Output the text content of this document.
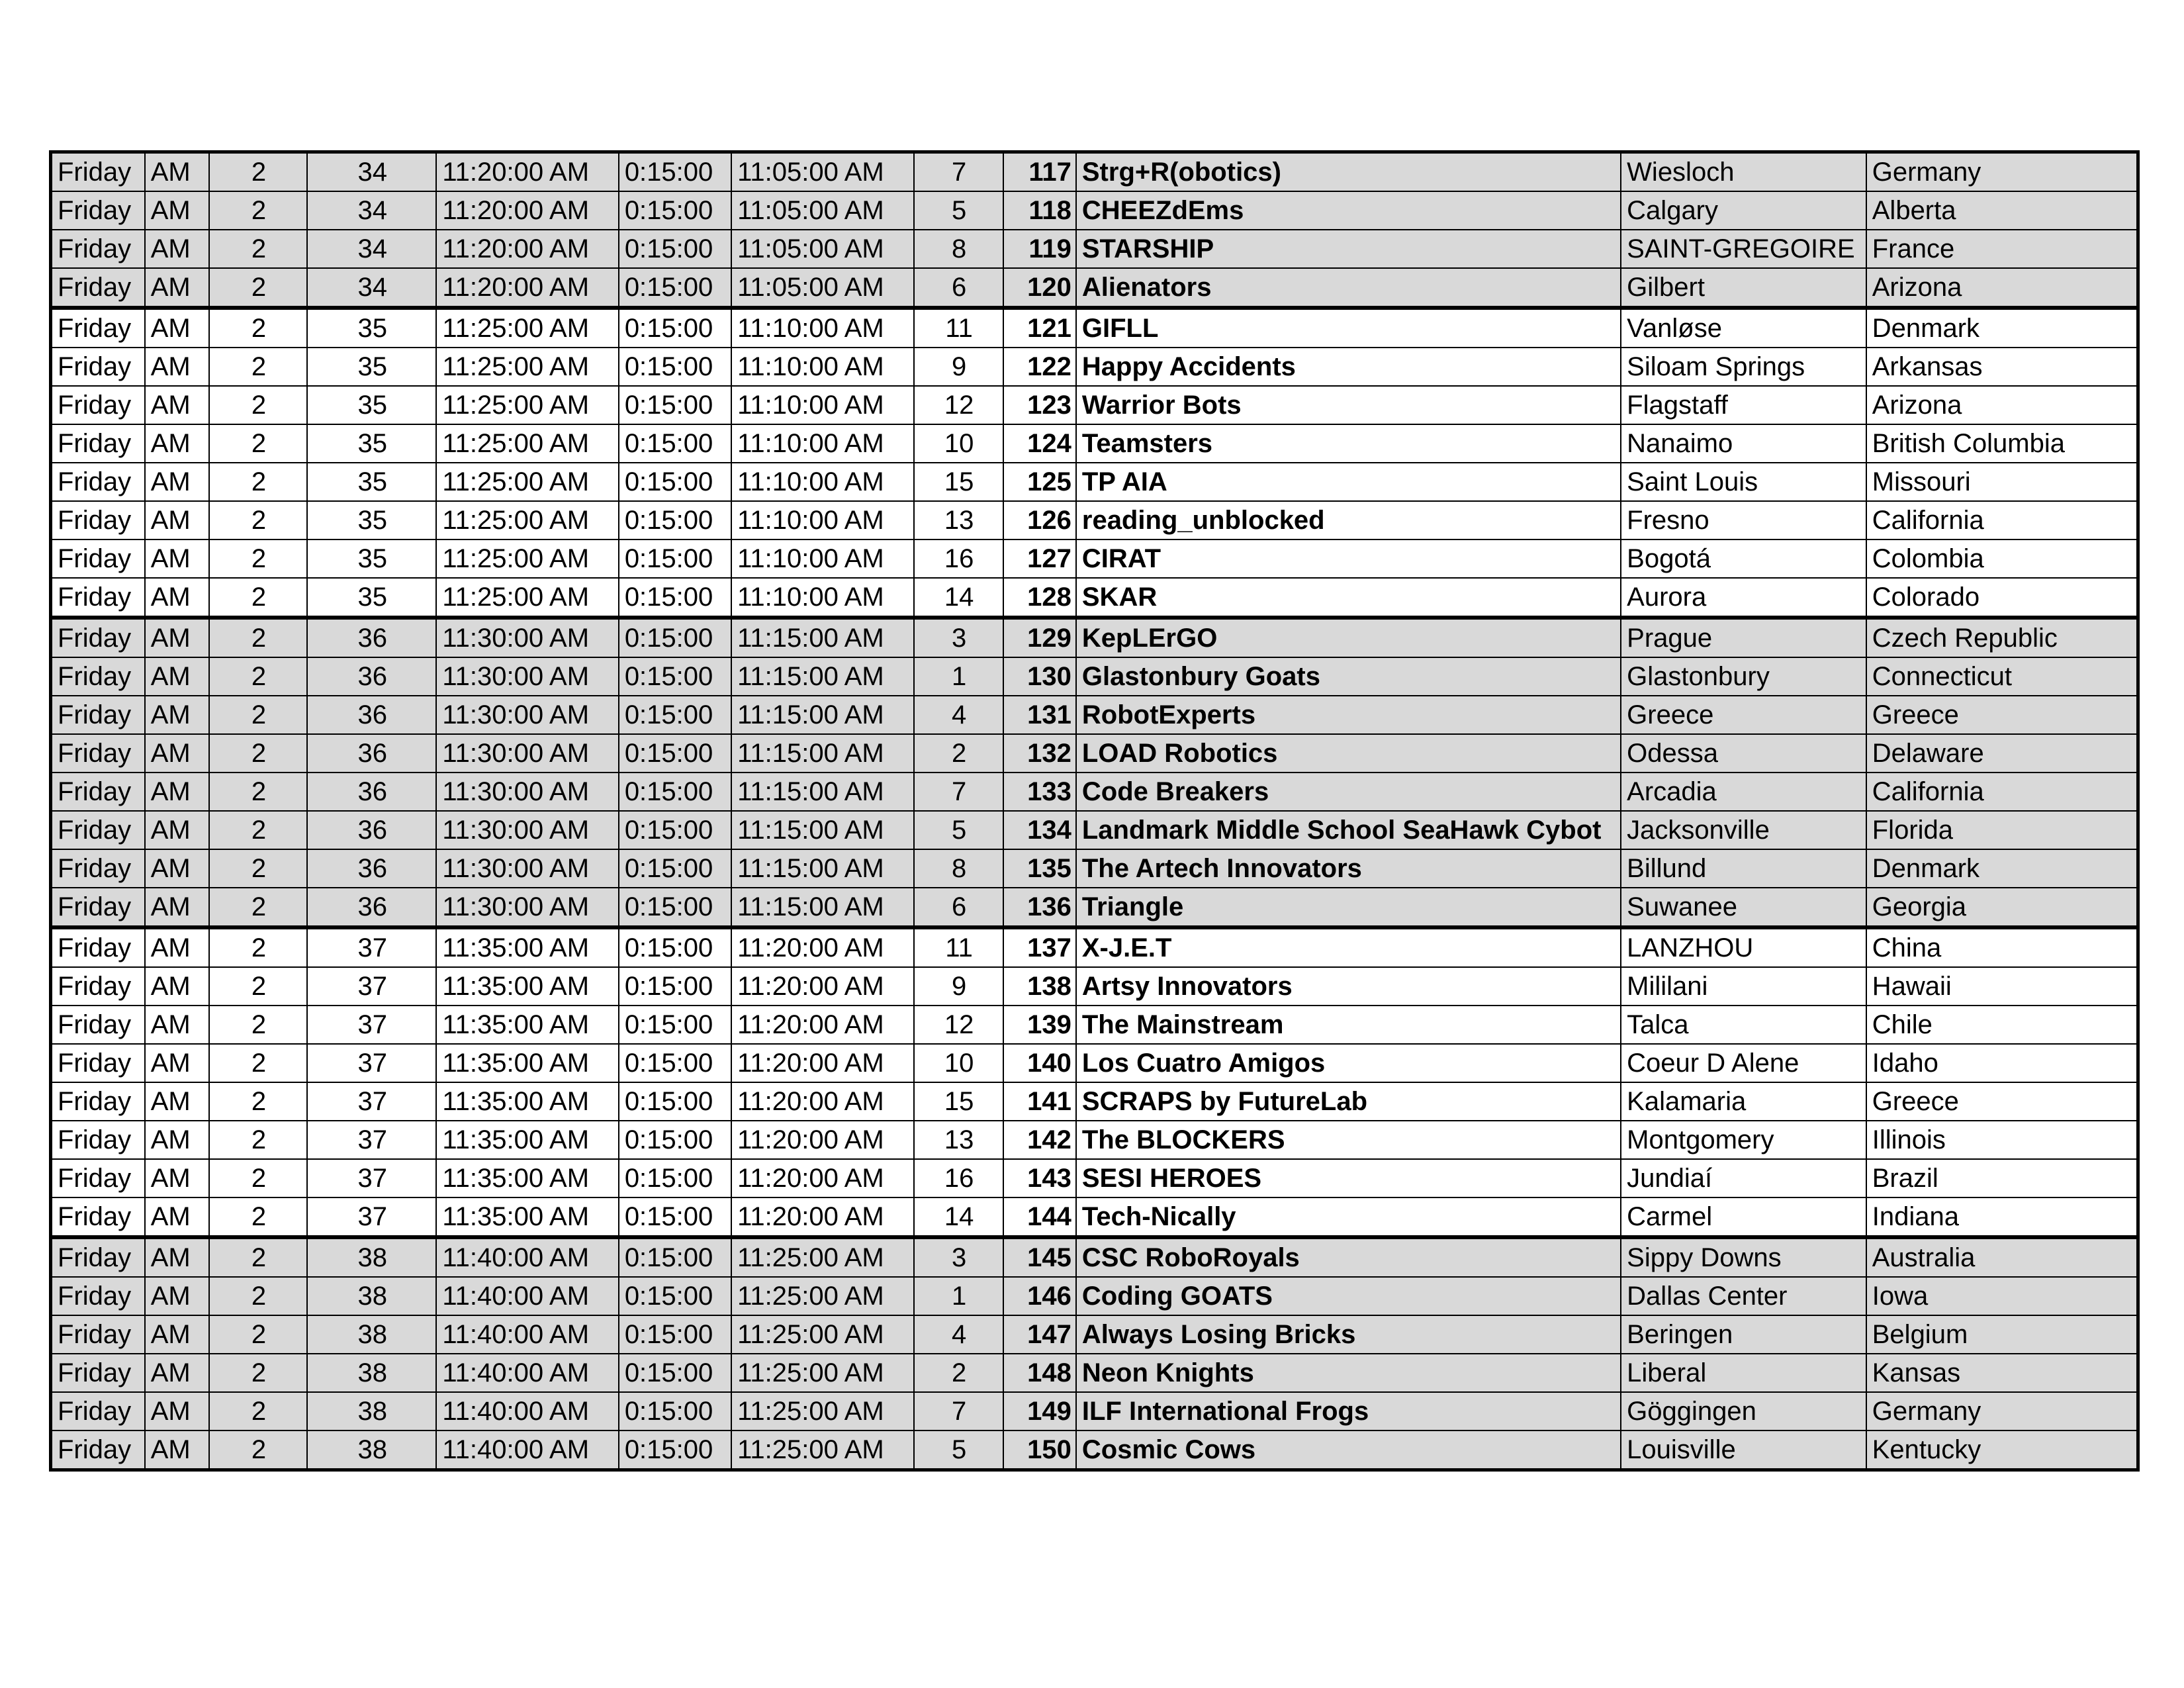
Friday	AM	2	34	11:20:00 AM	0:15:00	11:05:00 AM	7	117	Strg+R(obotics)	Wiesloch	Germany
Friday	AM	2	34	11:20:00 AM	0:15:00	11:05:00 AM	5	118	CHEEZdEms	Calgary	Alberta
Friday	AM	2	34	11:20:00 AM	0:15:00	11:05:00 AM	8	119	STARSHIP	SAINT-GREGOIRE	France
Friday	AM	2	34	11:20:00 AM	0:15:00	11:05:00 AM	6	120	Alienators	Gilbert	Arizona
Friday	AM	2	35	11:25:00 AM	0:15:00	11:10:00 AM	11	121	GIFLL	Vanløse	Denmark
Friday	AM	2	35	11:25:00 AM	0:15:00	11:10:00 AM	9	122	Happy Accidents	Siloam Springs	Arkansas
Friday	AM	2	35	11:25:00 AM	0:15:00	11:10:00 AM	12	123	Warrior Bots	Flagstaff	Arizona
Friday	AM	2	35	11:25:00 AM	0:15:00	11:10:00 AM	10	124	Teamsters	Nanaimo	British Columbia
Friday	AM	2	35	11:25:00 AM	0:15:00	11:10:00 AM	15	125	TP AIA	Saint Louis	Missouri
Friday	AM	2	35	11:25:00 AM	0:15:00	11:10:00 AM	13	126	reading_unblocked	Fresno	California
Friday	AM	2	35	11:25:00 AM	0:15:00	11:10:00 AM	16	127	CIRAT	Bogotá	Colombia
Friday	AM	2	35	11:25:00 AM	0:15:00	11:10:00 AM	14	128	SKAR	Aurora	Colorado
Friday	AM	2	36	11:30:00 AM	0:15:00	11:15:00 AM	3	129	KepLErGO	Prague	Czech Republic
Friday	AM	2	36	11:30:00 AM	0:15:00	11:15:00 AM	1	130	Glastonbury Goats	Glastonbury	Connecticut
Friday	AM	2	36	11:30:00 AM	0:15:00	11:15:00 AM	4	131	RobotExperts	Greece	Greece
Friday	AM	2	36	11:30:00 AM	0:15:00	11:15:00 AM	2	132	LOAD Robotics	Odessa	Delaware
Friday	AM	2	36	11:30:00 AM	0:15:00	11:15:00 AM	7	133	Code Breakers	Arcadia	California
Friday	AM	2	36	11:30:00 AM	0:15:00	11:15:00 AM	5	134	Landmark Middle School SeaHawk Cybot	Jacksonville	Florida
Friday	AM	2	36	11:30:00 AM	0:15:00	11:15:00 AM	8	135	The Artech Innovators	Billund	Denmark
Friday	AM	2	36	11:30:00 AM	0:15:00	11:15:00 AM	6	136	Triangle	Suwanee	Georgia
Friday	AM	2	37	11:35:00 AM	0:15:00	11:20:00 AM	11	137	X-J.E.T	LANZHOU	China
Friday	AM	2	37	11:35:00 AM	0:15:00	11:20:00 AM	9	138	Artsy Innovators	Mililani	Hawaii
Friday	AM	2	37	11:35:00 AM	0:15:00	11:20:00 AM	12	139	The Mainstream	Talca	Chile
Friday	AM	2	37	11:35:00 AM	0:15:00	11:20:00 AM	10	140	Los Cuatro Amigos	Coeur D Alene	Idaho
Friday	AM	2	37	11:35:00 AM	0:15:00	11:20:00 AM	15	141	SCRAPS by FutureLab	Kalamaria	Greece
Friday	AM	2	37	11:35:00 AM	0:15:00	11:20:00 AM	13	142	The BLOCKERS	Montgomery	Illinois
Friday	AM	2	37	11:35:00 AM	0:15:00	11:20:00 AM	16	143	SESI HEROES	Jundiaí	Brazil
Friday	AM	2	37	11:35:00 AM	0:15:00	11:20:00 AM	14	144	Tech-Nically	Carmel	Indiana
Friday	AM	2	38	11:40:00 AM	0:15:00	11:25:00 AM	3	145	CSC RoboRoyals	Sippy Downs	Australia
Friday	AM	2	38	11:40:00 AM	0:15:00	11:25:00 AM	1	146	Coding GOATS	Dallas Center	Iowa
Friday	AM	2	38	11:40:00 AM	0:15:00	11:25:00 AM	4	147	Always Losing Bricks	Beringen	Belgium
Friday	AM	2	38	11:40:00 AM	0:15:00	11:25:00 AM	2	148	Neon Knights	Liberal	Kansas
Friday	AM	2	38	11:40:00 AM	0:15:00	11:25:00 AM	7	149	ILF International Frogs	Göggingen	Germany
Friday	AM	2	38	11:40:00 AM	0:15:00	11:25:00 AM	5	150	Cosmic Cows	Louisville	Kentucky
